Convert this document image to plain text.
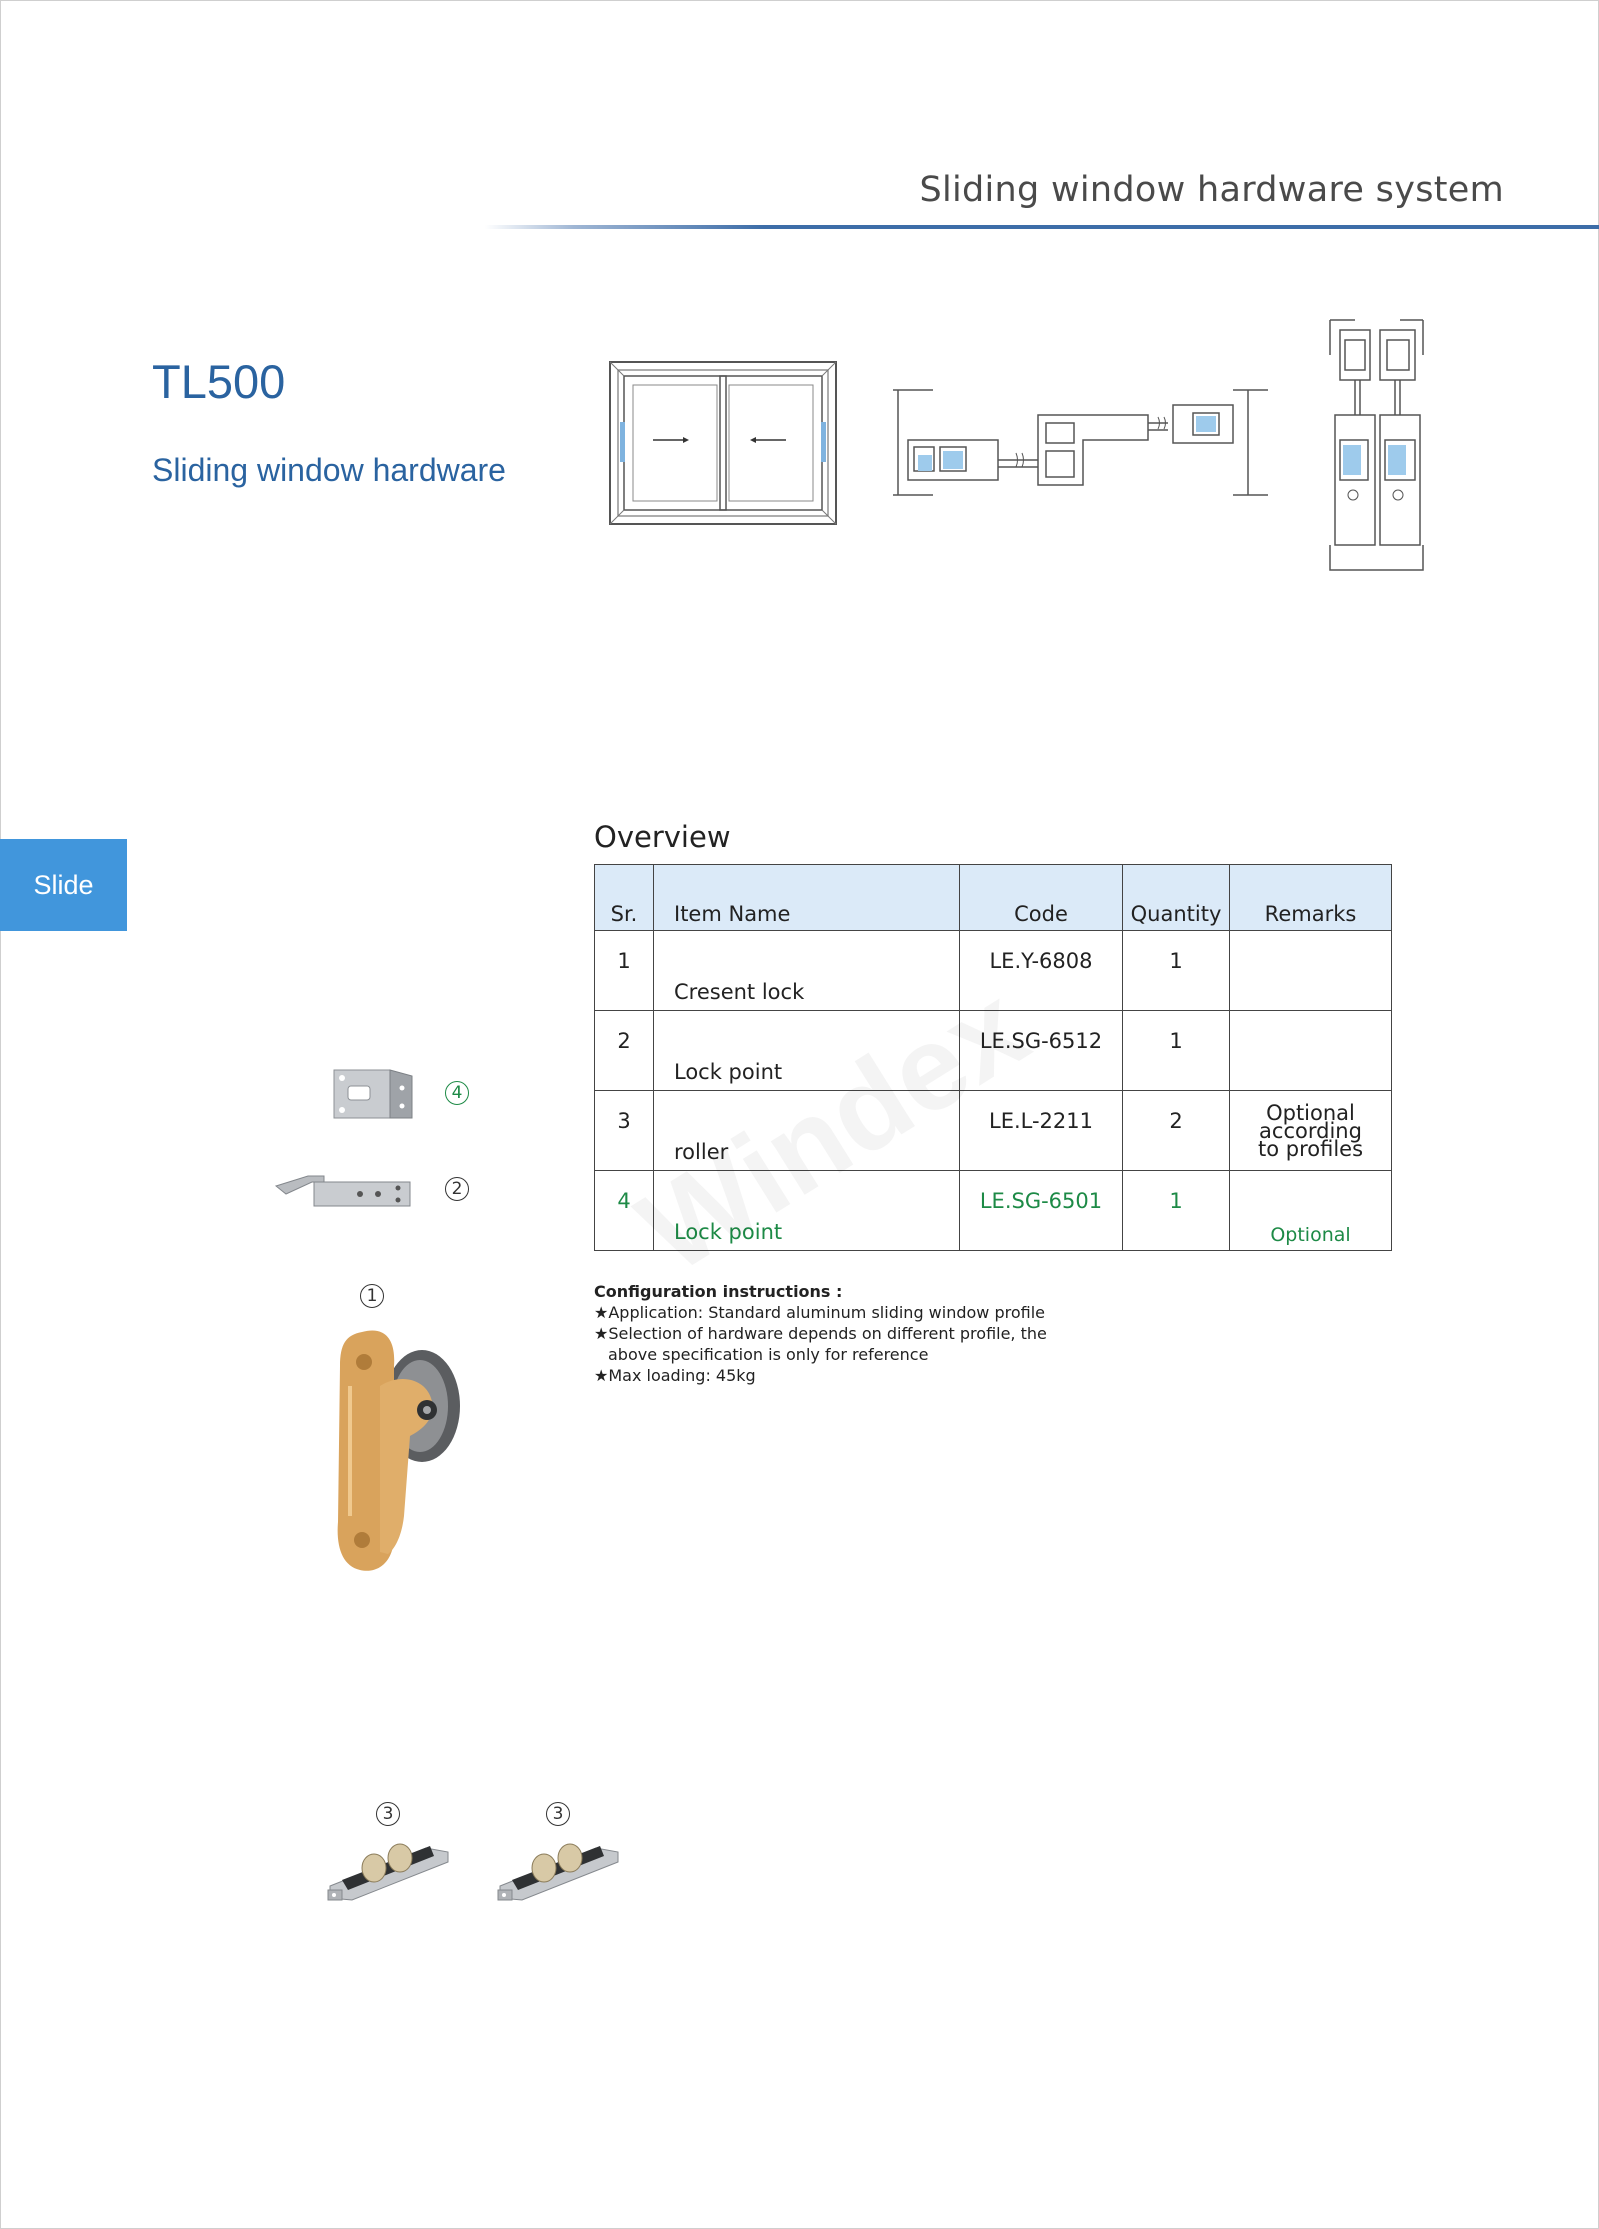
Sliding window hardware system
TL500
Sliding window hardware
Slide
Overview
Sr.	Item Name	Code	Quantity	Remarks
1	Cresent lock	LE.Y-6808	1	
2	Lock point	LE.SG-6512	1	
3	roller	LE.L-2211	2	Optional according
to profiles

4	Lock point	LE.SG-6501	1	Optional
Configuration instructions :
★Application: Standard aluminum sliding window profile
★Selection of hardware depends on different profile, the
above specification is only for reference
★Max loading: 45kg
4
2
1
3	3
